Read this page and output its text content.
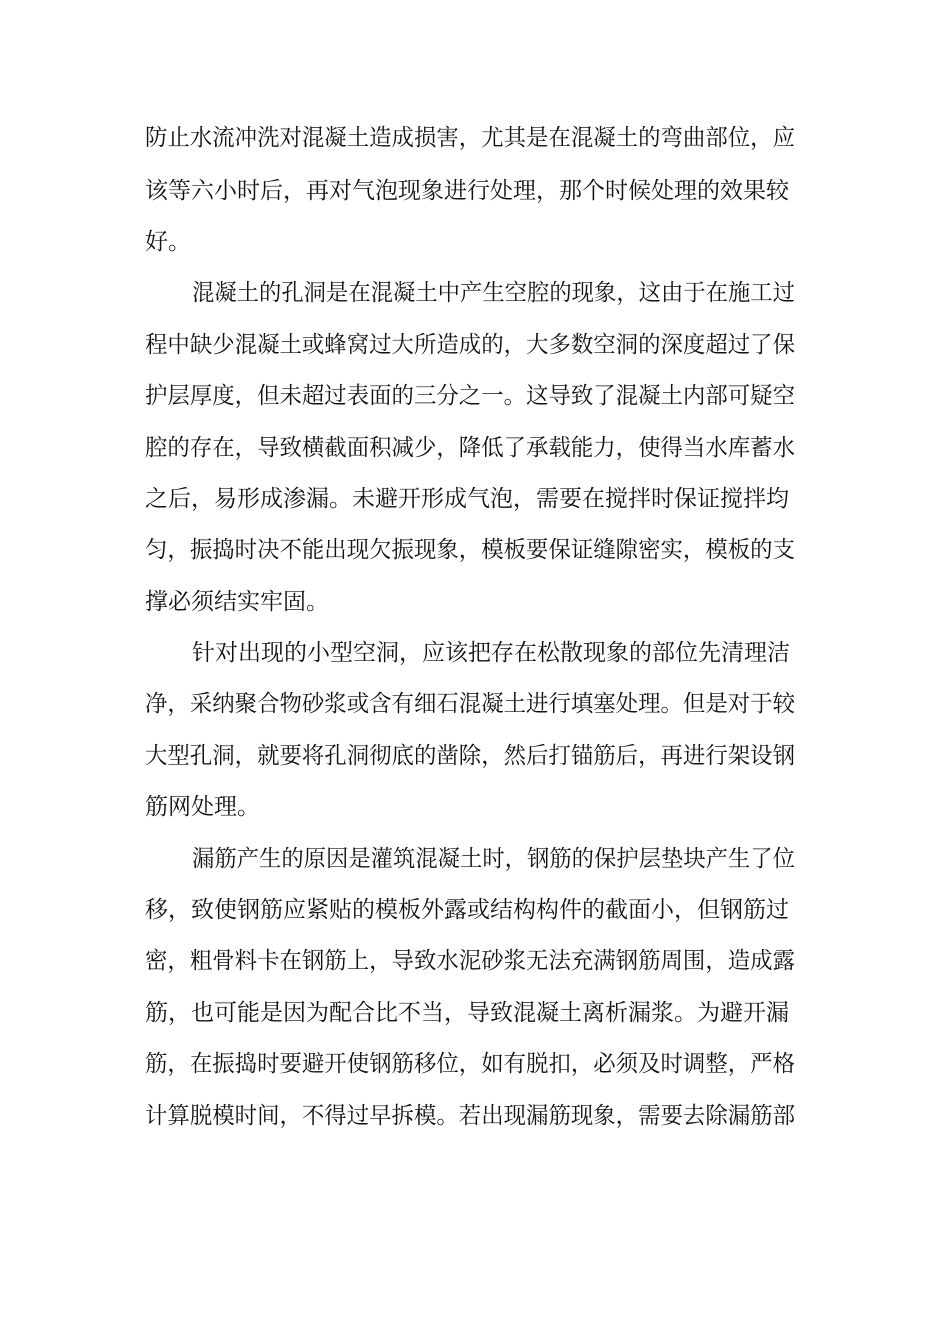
防止水流冲洗对混凝土造成损害，尤其是在混凝土的弯曲部位，应
该等六小时后，再对气泡现象进行处理，那个时候处理的效果较
好。
混凝土的孔洞是在混凝土中产生空腔的现象，这由于在施工过
程中缺少混凝土或蜂窝过大所造成的，大多数空洞的深度超过了保
护层厚度，但未超过表面的三分之一。这导致了混凝土内部可疑空
腔的存在，导致横截面积减少，降低了承载能力，使得当水库蓄水
之后，易形成渗漏。未避开形成气泡，需要在搅拌时保证搅拌均
匀，振捣时决不能出现欠振现象，模板要保证缝隙密实，模板的支
撑必须结实牢固。
针对出现的小型空洞，应该把存在松散现象的部位先清理洁
净，采纳聚合物砂浆或含有细石混凝土进行填塞处理。但是对于较
大型孔洞，就要将孔洞彻底的凿除，然后打锚筋后，再进行架设钢
筋网处理。
漏筋产生的原因是灌筑混凝土时，钢筋的保护层垫块产生了位
移，致使钢筋应紧贴的模板外露或结构构件的截面小，但钢筋过
密，粗骨料卡在钢筋上，导致水泥砂浆无法充满钢筋周围，造成露
筋，也可能是因为配合比不当，导致混凝土离析漏浆。为避开漏
筋，在振捣时要避开使钢筋移位，如有脱扣，必须及时调整，严格
计算脱模时间，不得过早拆模。若出现漏筋现象，需要去除漏筋部
